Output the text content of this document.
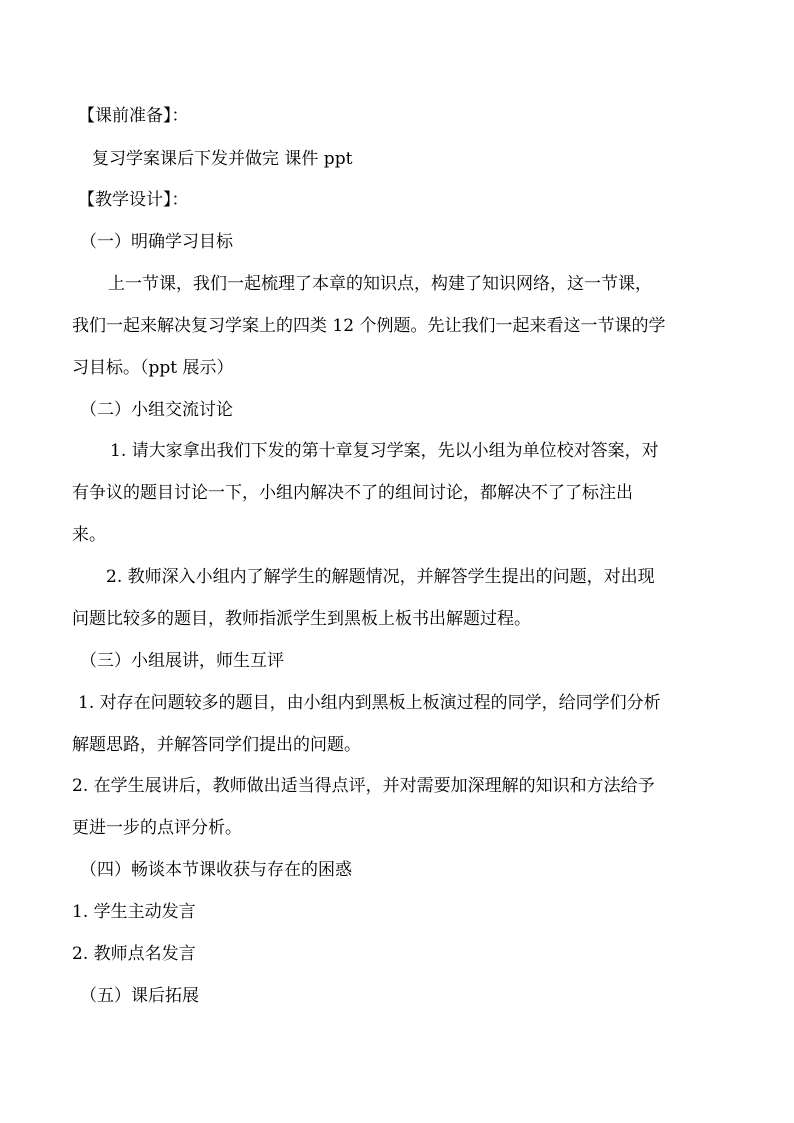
【课前准备】：
复习学案课后下发并做完 课件 ppt
【教学设计】：
（一）明确学习目标
上一节课，我们一起梳理了本章的知识点，构建了知识网络，这一节课，
我们一起来解决复习学案上的四类 12 个例题。先让我们一起来看这一节课的学
习目标。（ppt 展示）
（二）小组交流讨论
1. 请大家拿出我们下发的第十章复习学案，先以小组为单位校对答案，对
有争议的题目讨论一下，小组内解决不了的组间讨论，都解决不了了标注出
来。
2. 教师深入小组内了解学生的解题情况，并解答学生提出的问题，对出现
问题比较多的题目，教师指派学生到黑板上板书出解题过程。
（三）小组展讲，师生互评
1. 对存在问题较多的题目，由小组内到黑板上板演过程的同学，给同学们分析
解题思路，并解答同学们提出的问题。
2. 在学生展讲后，教师做出适当得点评，并对需要加深理解的知识和方法给予
更进一步的点评分析。
（四）畅谈本节课收获与存在的困惑
1. 学生主动发言
2. 教师点名发言
（五）课后拓展
